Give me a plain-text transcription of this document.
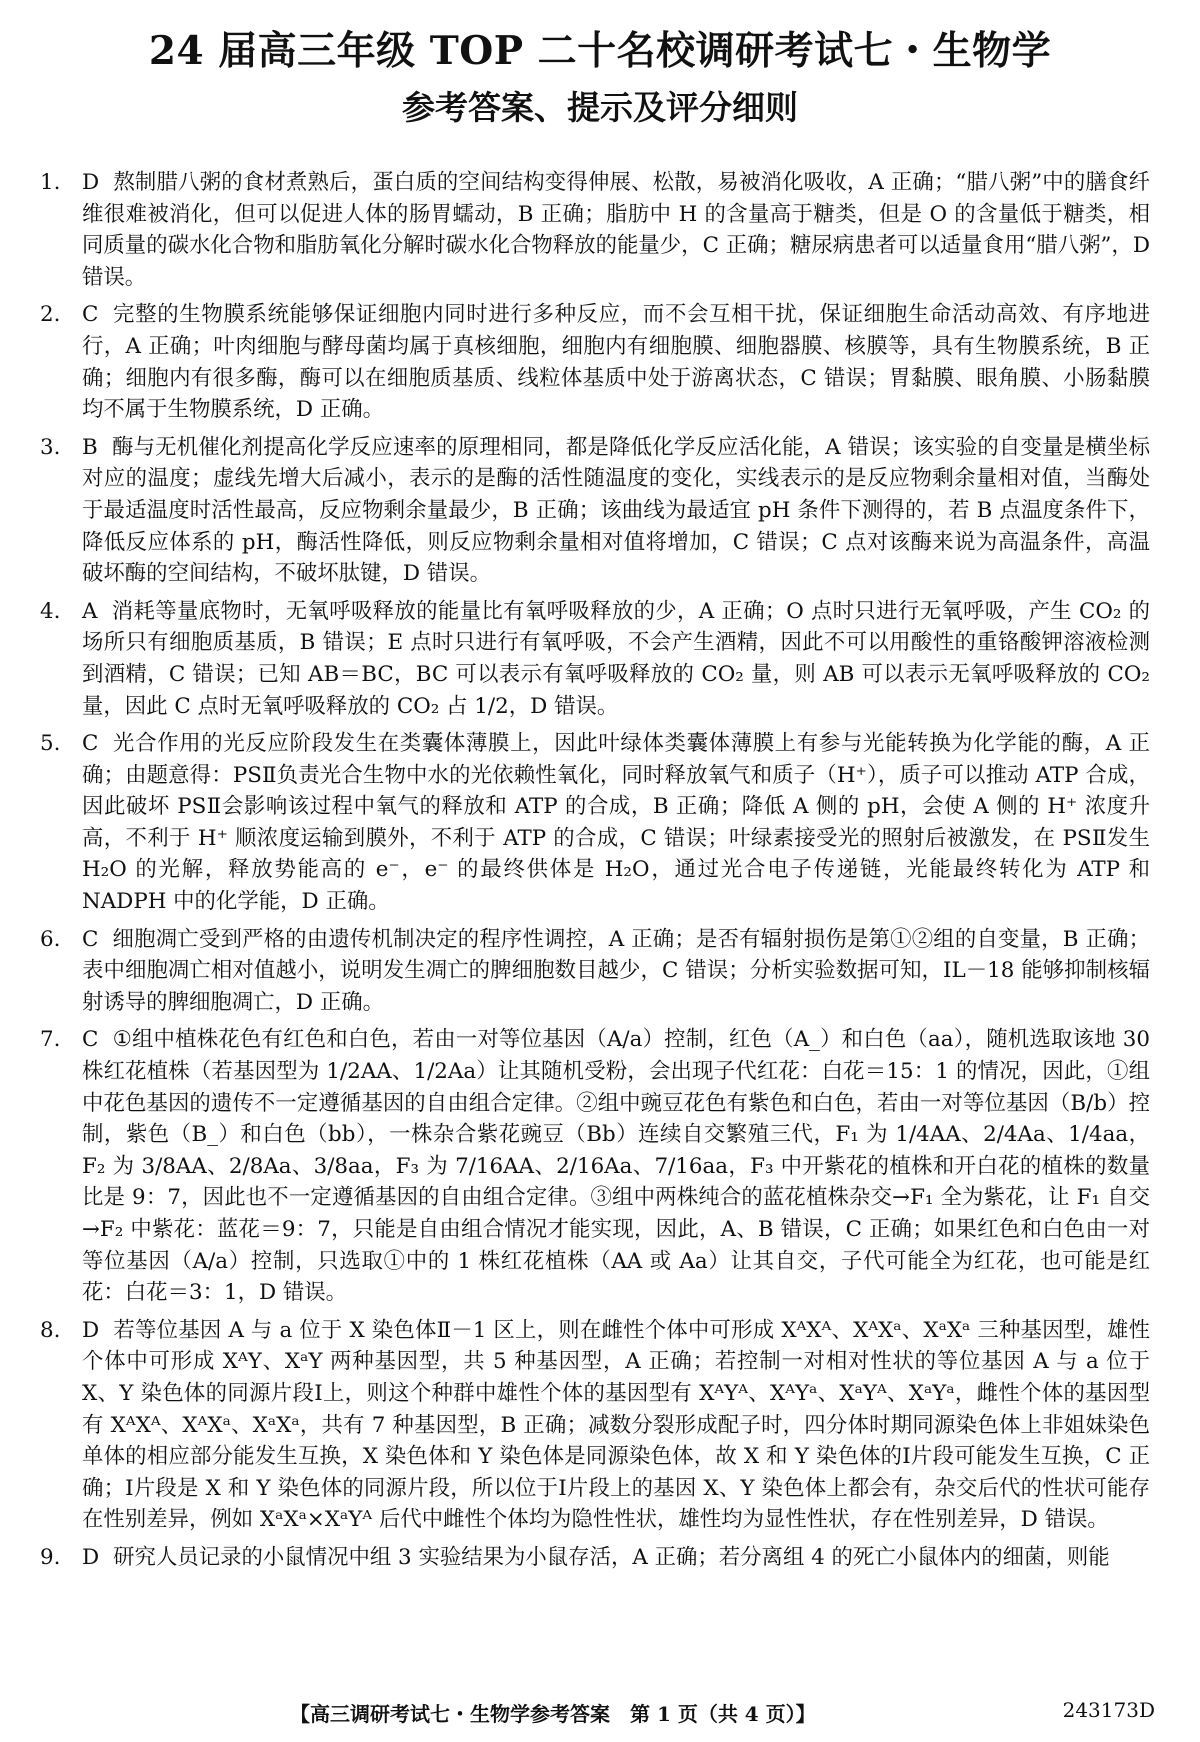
24 届高三年级 TOP 二十名校调研考试七・生物学
参考答案、提示及评分细则
1. D 熬制腊八粥的食材煮熟后，蛋白质的空间结构变得伸展、松散，易被消化吸收，A 正确；“腊八粥”中的膳食纤维很难被消化，但可以促进人体的肠胃蠕动，B 正确；脂肪中 H 的含量高于糖类，但是 O 的含量低于糖类，相同质量的碳水化合物和脂肪氧化分解时碳水化合物释放的能量少，C 正确；糖尿病患者可以适量食用“腊八粥”，D 错误。
2. C 完整的生物膜系统能够保证细胞内同时进行多种反应，而不会互相干扰，保证细胞生命活动高效、有序地进行，A 正确；叶肉细胞与酵母菌均属于真核细胞，细胞内有细胞膜、细胞器膜、核膜等，具有生物膜系统，B 正确；细胞内有很多酶，酶可以在细胞质基质、线粒体基质中处于游离状态，C 错误；胃黏膜、眼角膜、小肠黏膜均不属于生物膜系统，D 正确。
3. B 酶与无机催化剂提高化学反应速率的原理相同，都是降低化学反应活化能，A 错误；该实验的自变量是横坐标对应的温度；虚线先增大后减小，表示的是酶的活性随温度的变化，实线表示的是反应物剩余量相对值，当酶处于最适温度时活性最高，反应物剩余量最少，B 正确；该曲线为最适宜 pH 条件下测得的，若 B 点温度条件下，降低反应体系的 pH，酶活性降低，则反应物剩余量相对值将增加，C 错误；C 点对该酶来说为高温条件，高温破坏酶的空间结构，不破坏肽键，D 错误。
4. A 消耗等量底物时，无氧呼吸释放的能量比有氧呼吸释放的少，A 正确；O 点时只进行无氧呼吸，产生 CO₂ 的场所只有细胞质基质，B 错误；E 点时只进行有氧呼吸，不会产生酒精，因此不可以用酸性的重铬酸钾溶液检测到酒精，C 错误；已知 AB＝BC，BC 可以表示有氧呼吸释放的 CO₂ 量，则 AB 可以表示无氧呼吸释放的 CO₂ 量，因此 C 点时无氧呼吸释放的 CO₂ 占 1/2，D 错误。
5. C 光合作用的光反应阶段发生在类囊体薄膜上，因此叶绿体类囊体薄膜上有参与光能转换为化学能的酶，A 正确；由题意得：PSⅡ负责光合生物中水的光依赖性氧化，同时释放氧气和质子（H⁺），质子可以推动 ATP 合成，因此破坏 PSⅡ会影响该过程中氧气的释放和 ATP 的合成，B 正确；降低 A 侧的 pH，会使 A 侧的 H⁺ 浓度升高，不利于 H⁺ 顺浓度运输到膜外，不利于 ATP 的合成，C 错误；叶绿素接受光的照射后被激发，在 PSⅡ发生 H₂O 的光解，释放势能高的 e⁻，e⁻ 的最终供体是 H₂O，通过光合电子传递链，光能最终转化为 ATP 和 NADPH 中的化学能，D 正确。
6. C 细胞凋亡受到严格的由遗传机制决定的程序性调控，A 正确；是否有辐射损伤是第①②组的自变量，B 正确；表中细胞凋亡相对值越小，说明发生凋亡的脾细胞数目越少，C 错误；分析实验数据可知，IL－18 能够抑制核辐射诱导的脾细胞凋亡，D 正确。
7. C ①组中植株花色有红色和白色，若由一对等位基因（A/a）控制，红色（A_）和白色（aa），随机选取该地 30 株红花植株（若基因型为 1/2AA、1/2Aa）让其随机受粉，会出现子代红花：白花＝15：1 的情况，因此，①组中花色基因的遗传不一定遵循基因的自由组合定律。②组中豌豆花色有紫色和白色，若由一对等位基因（B/b）控制，紫色（B_）和白色（bb），一株杂合紫花豌豆（Bb）连续自交繁殖三代，F₁ 为 1/4AA、2/4Aa、1/4aa，F₂ 为 3/8AA、2/8Aa、3/8aa，F₃ 为 7/16AA、2/16Aa、7/16aa，F₃ 中开紫花的植株和开白花的植株的数量比是 9：7，因此也不一定遵循基因的自由组合定律。③组中两株纯合的蓝花植株杂交→F₁ 全为紫花，让 F₁ 自交→F₂ 中紫花：蓝花＝9：7，只能是自由组合情况才能实现，因此，A、B 错误，C 正确；如果红色和白色由一对等位基因（A/a）控制，只选取①中的 1 株红花植株（AA 或 Aa）让其自交，子代可能全为红花，也可能是红花：白花＝3：1，D 错误。
8. D 若等位基因 A 与 a 位于 X 染色体Ⅱ－1 区上，则在雌性个体中可形成 XᴬXᴬ、XᴬXᵃ、XᵃXᵃ 三种基因型，雄性个体中可形成 XᴬY、XᵃY 两种基因型，共 5 种基因型，A 正确；若控制一对相对性状的等位基因 A 与 a 位于 X、Y 染色体的同源片段Ⅰ上，则这个种群中雄性个体的基因型有 XᴬYᴬ、XᴬYᵃ、XᵃYᴬ、XᵃYᵃ，雌性个体的基因型有 XᴬXᴬ、XᴬXᵃ、XᵃXᵃ，共有 7 种基因型，B 正确；减数分裂形成配子时，四分体时期同源染色体上非姐妹染色单体的相应部分能发生互换，X 染色体和 Y 染色体是同源染色体，故 X 和 Y 染色体的Ⅰ片段可能发生互换，C 正确；Ⅰ片段是 X 和 Y 染色体的同源片段，所以位于Ⅰ片段上的基因 X、Y 染色体上都会有，杂交后代的性状可能存在性别差异，例如 XᵃXᵃ×XᵃYᴬ 后代中雌性个体均为隐性性状，雄性均为显性性状，存在性别差异，D 错误。
9. D 研究人员记录的小鼠情况中组 3 实验结果为小鼠存活，A 正确；若分离组 4 的死亡小鼠体内的细菌，则能
【高三调研考试七・生物学参考答案　第 1 页（共 4 页）】	243173D
